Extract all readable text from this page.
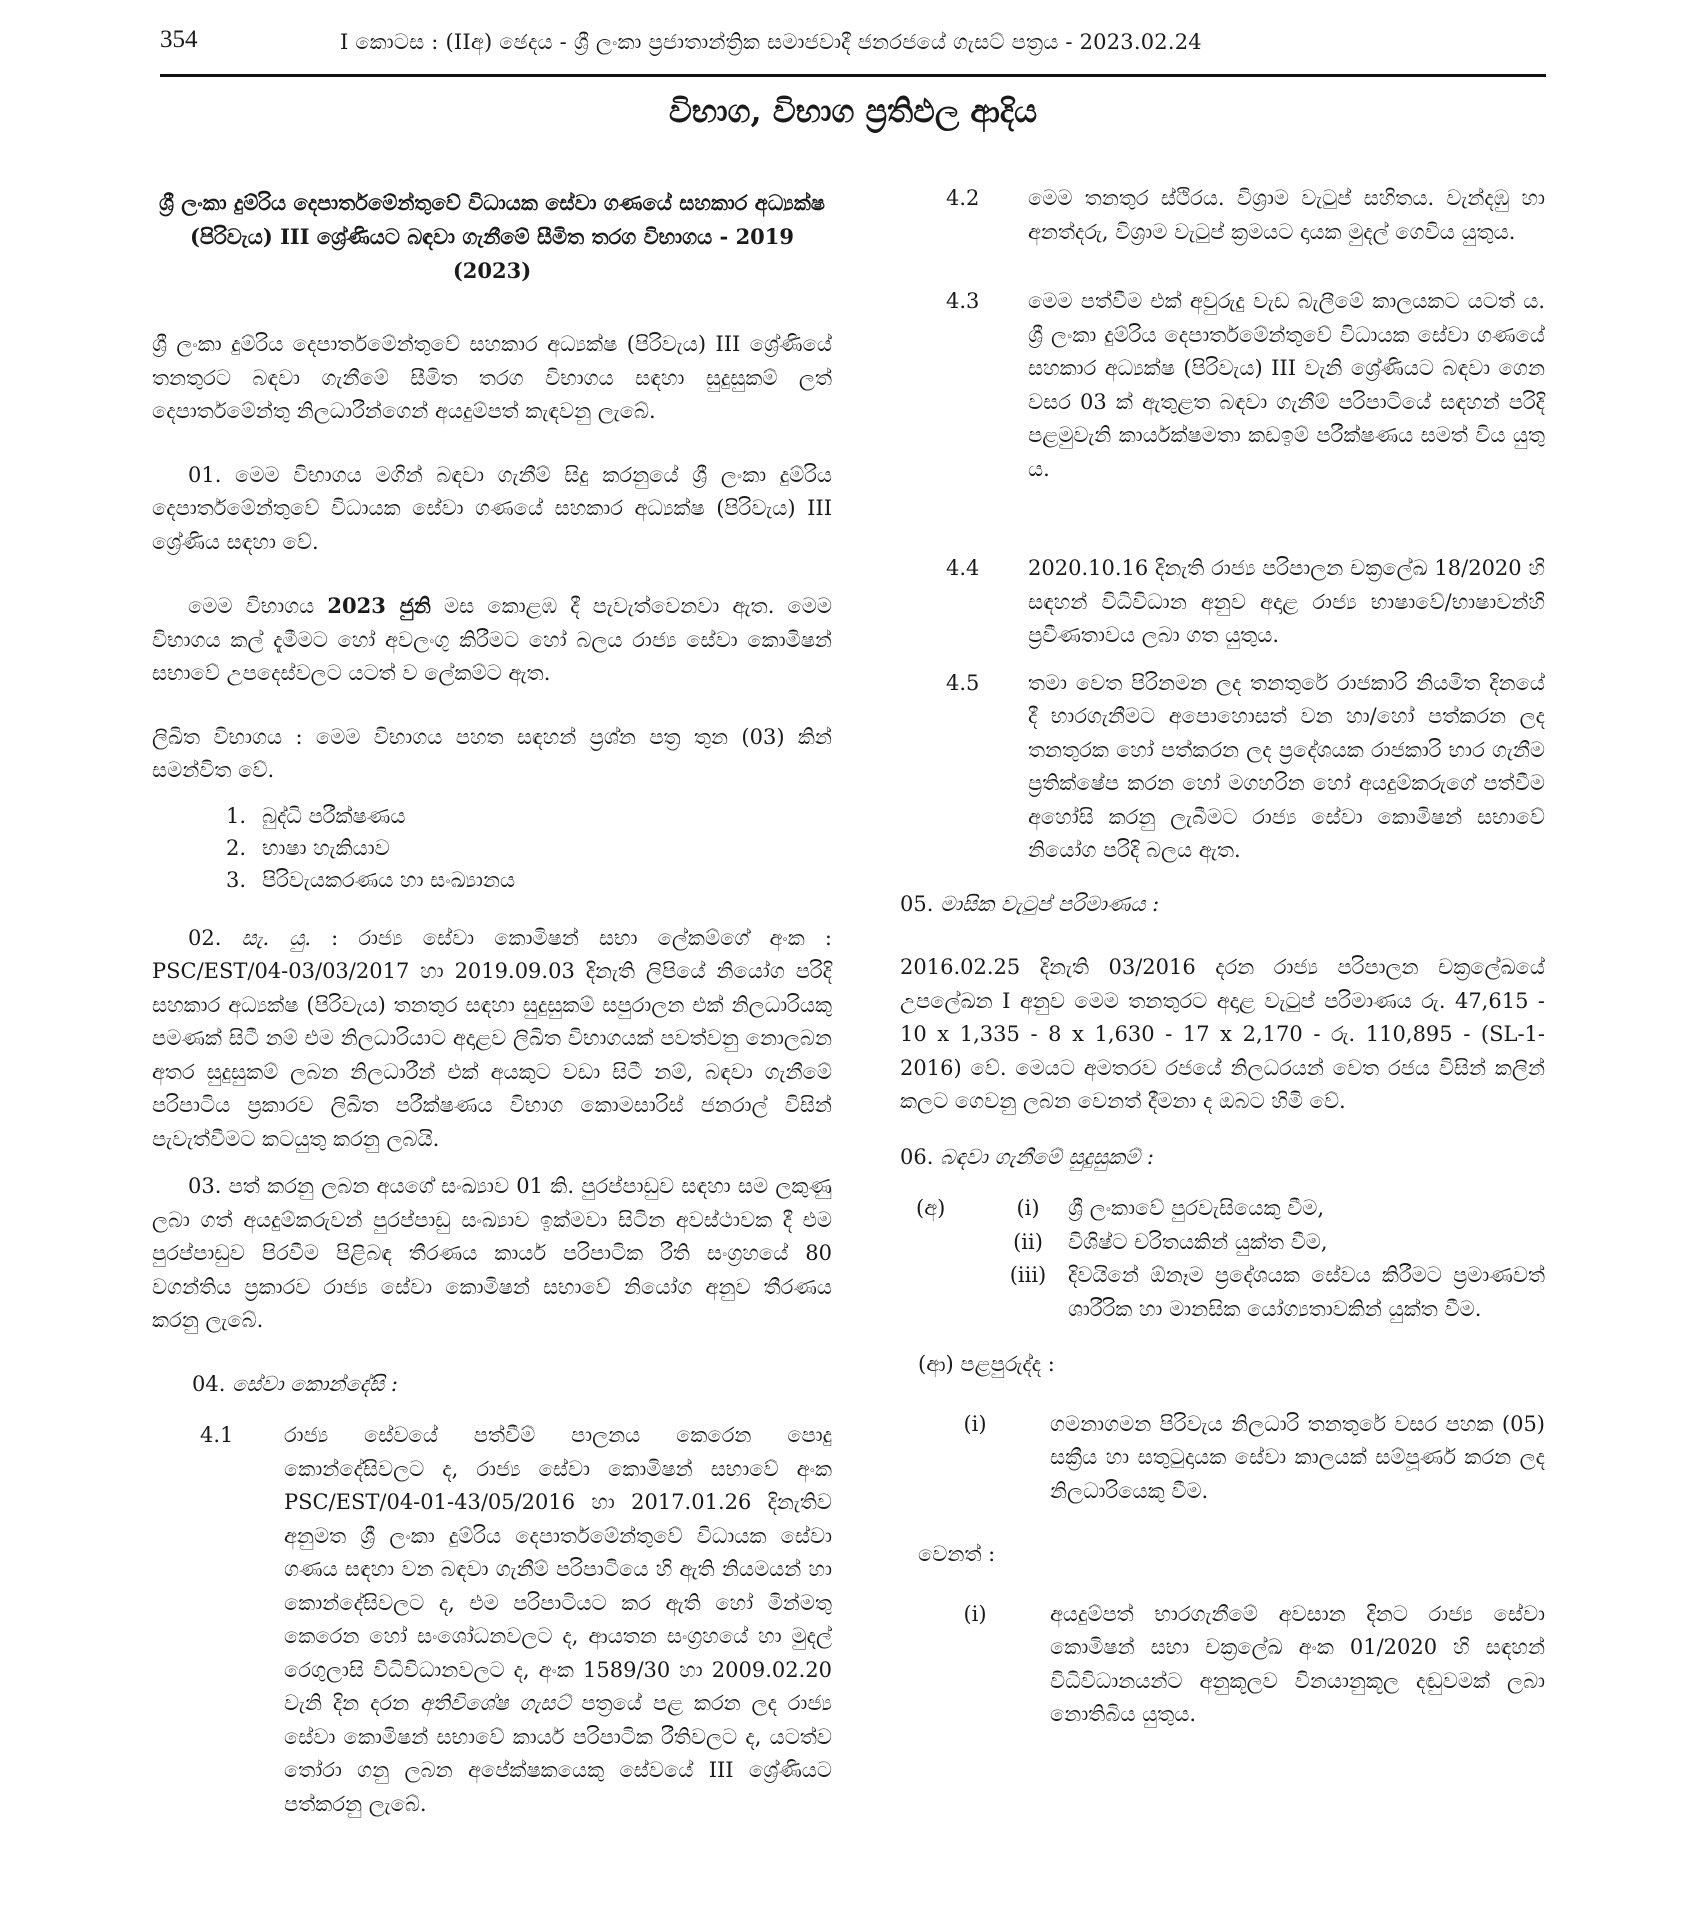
354	I කොටස : (IIඅ) ඡෙදය - ශ්‍රී ලංකා ප්‍රජාතාන්ත්‍රික සමාජවාදී ජනරජයේ ගැසට් පත්‍රය - 2023.02.24
විභාග, විභාග ප්‍රතිඵල ආදිය

ශ්‍රී ලංකා දුම්රිය දෙපාර්තමේන්තුවේ විධායක සේවා ගණයේ සහකාර අධ්‍යක්ෂ (පිරිවැය) III ශ්‍රේණියට බඳවා ගැනීමේ සීමිත තරග විභාගය - 2019 (2023)

ශ්‍රී ලංකා දුම්රිය දෙපාර්තමේන්තුවේ සහකාර අධ්‍යක්ෂ (පිරිවැය) III ශ්‍රේණියේ තනතුරට බඳවා ගැනීමේ සීමිත තරග විභාගය සඳහා සුදුසුකම් ලත් දෙපාර්තමේන්තු නිලධාරීන්ගෙන් අයදුම්පත් කැඳවනු ලැබේ.

01. මෙම විභාගය මගින් බඳවා ගැනීම් සිදු කරනුයේ ශ්‍රී ලංකා දුම්රිය දෙපාර්තමේන්තුවේ විධායක සේවා ගණයේ සහකාර අධ්‍යක්ෂ (පිරිවැය) III ශ්‍රේණිය සඳහා වේ.

මෙම විභාගය 2023 ජුනි මස කොළඹ දී පැවැත්වෙනවා ඇත. මෙම විභාගය කල් දැමීමට හෝ අවලංගු කිරීමට හෝ බලය රාජ්‍ය සේවා කොමිෂන් සභාවේ උපදෙස්වලට යටත් ව ලේකම්ට ඇත.

ලිඛිත විභාගය : මෙම විභාගය පහත සඳහන් ප්‍රශ්න පත්‍ර තුන (03) කින් සමන්විත වේ.

1. බුද්ධි පරීක්ෂණය
2. භාෂා හැකියාව
3. පිරිවැයකරණය හා සංඛ්‍යානය

02. සැ. යු. : රාජ්‍ය සේවා කොමිෂන් සභා ලේකම්ගේ අංක : PSC/EST/04-03/03/2017 හා 2019.09.03 දිනැති ලිපියේ නියෝග පරිදි සහකාර අධ්‍යක්ෂ (පිරිවැය) තනතුර සඳහා සුදුසුකම් සපුරාලන එක් නිලධාරියකු පමණක් සිටී නම් එම නිලධාරියාට අදාළව ලිඛිත විභාගයක් පවත්වනු නොලබන අතර සුදුසුකම් ලබන නිලධාරීන් එක් අයකුට වඩා සිටී නම්, බඳවා ගැනීමේ පරිපාටිය ප්‍රකාරව ලිඛිත පරීක්ෂණය විභාග කොමසාරිස් ජනරාල් විසින් පැවැත්වීමට කටයුතු කරනු ලබයි.

03. පත් කරනු ලබන අයගේ සංඛ්‍යාව 01 කි. පුරප්පාඩුව සඳහා සම ලකුණු ලබා ගත් අයදුම්කරුවන් පුරප්පාඩු සංඛ්‍යාව ඉක්මවා සිටින අවස්ථාවක දී එම පුරප්පාඩුව පිරවීම පිළිබඳ තීරණය කාර්ය පරිපාටික රීති සංග්‍රහයේ 80 වගන්තිය ප්‍රකාරව රාජ්‍ය සේවා කොමිෂන් සභාවේ නියෝග අනුව තීරණය කරනු ලැබේ.

04. සේවා කොන්දේසි :

4.1	රාජ්‍ය සේවයේ පත්වීම් පාලනය කෙරෙන පොදු කොන්දේසිවලට ද, රාජ්‍ය සේවා කොමිෂන් සභාවේ අංක PSC/EST/04-01-43/05/2016 හා 2017.01.26 දිනැතිව අනුමත ශ්‍රී ලංකා දුම්රිය දෙපාර්තමේන්තුවේ විධායක සේවා ගණය සඳහා වන බඳවා ගැනීම් පරිපාටියෙ හි ඇති නියමයන් හා කොන්දේසිවලට ද, එම පරිපාටියට කර ඇති හෝ මින්මතු කෙරෙන හෝ සංශෝධනවලට ද, ආයතන සංග්‍රහයේ හා මුදල් රෙගුලාසි විධිවිධානවලට ද, අංක 1589/30 හා 2009.02.20 වැනි දින දරන අතිවිශේෂ ගැසට් පත්‍රයේ පළ කරන ලද රාජ්‍ය සේවා කොමිෂන් සභාවේ කාර්ය පරිපාටික රීතිවලට ද, යටත්ව තෝරා ගනු ලබන අපේක්ෂකයෙකු සේවයේ III ශ්‍රේණියට පත්කරනු ලැබේ.

4.2	මෙම තනතුර ස්ථිරය. විශ්‍රාම වැටුප් සහිතය. වැන්දඹු හා අනත්දරු, විශ්‍රාම වැටුප් ක්‍රමයට දායක මුදල් ගෙවිය යුතුය.

4.3	මෙම පත්වීම එක් අවුරුදු වැඩ බැලීමේ කාලයකට යටත් ය. ශ්‍රී ලංකා දුම්රිය දෙපාර්තමේන්තුවේ විධායක සේවා ගණයේ සහකාර අධ්‍යක්ෂ (පිරිවැය) III වැනි ශ්‍රේණියට බඳවා ගෙන වසර 03 ක් ඇතුළත බඳවා ගැනීම් පරිපාටියේ සඳහන් පරිදි පළමුවැනි කාර්යක්ෂමතා කඩඉම් පරීක්ෂණය සමත් විය යුතු ය.

4.4	2020.10.16 දිනැති රාජ්‍ය පරිපාලන චක්‍රලේඛ 18/2020 හි සඳහන් විධිවිධාන අනුව අදාළ රාජ්‍ය භාෂාවේ/භාෂාවන්හි ප්‍රවීණතාවය ලබා ගත යුතුය.

4.5	තමා වෙත පිරිනමන ලද තනතුරේ රාජකාරි නියමිත දිනයේ දී භාරගැනීමට අපොහොසත් වන හා/හෝ පත්කරන ලද තනතුරක හෝ පත්කරන ලද ප්‍රදේශයක රාජකාරි භාර ගැනීම ප්‍රතික්ෂේප කරන හෝ මගහරින හෝ අයදුම්කරුගේ පත්වීම අහෝසි කරනු ලැබීමට රාජ්‍ය සේවා කොමිෂන් සභාවේ නියෝග පරිදි බලය ඇත.

05. මාසික වැටුප් පරිමාණය :

2016.02.25 දිනැති 03/2016 දරන රාජ්‍ය පරිපාලන චක්‍රලේඛයේ උපලේඛන I අනුව මෙම තනතුරට අදාළ වැටුප් පරිමාණය රු. 47,615 - 10 x 1,335 - 8 x 1,630 - 17 x 2,170 - රු. 110,895 - (SL-1-2016) වේ. මෙයට අමතරව රජයේ නිලධරයන් වෙත රජය විසින් කලින් කලට ගෙවනු ලබන වෙනත් දීමනා ද ඔබට හිමි වේ.

06. බඳවා ගැනීමේ සුදුසුකම් :

(අ)	(i)	ශ්‍රී ලංකාවේ පුරවැසියෙකු වීම,
(ii)	විශිෂ්ට චරිතයකින් යුක්ත වීම,
(iii)	දිවයිනේ ඕනෑම ප්‍රදේශයක සේවය කිරීමට ප්‍රමාණවත් ශාරීරික හා මානසික යෝග්‍යතාවකින් යුක්ත වීම.

(ආ) පළපුරුද්ද :

(i)	ගමනාගමන පිරිවැය නිලධාරි තනතුරේ වසර පහක (05) සක්‍රීය හා සතුටුදායක සේවා කාලයක් සම්පූර්ණ කරන ලද නිලධාරියෙකු වීම.

වෙනත් :

(i)	අයදුම්පත් භාරගැනීමේ අවසාන දිනට රාජ්‍ය සේවා කොමිෂන් සභා චක්‍රලේඛ අංක 01/2020 හි සඳහන් විධිවිධානයන්ට අනුකූලව විනයානුකූල දඬුවමක් ලබා නොතිබිය යුතුය.
